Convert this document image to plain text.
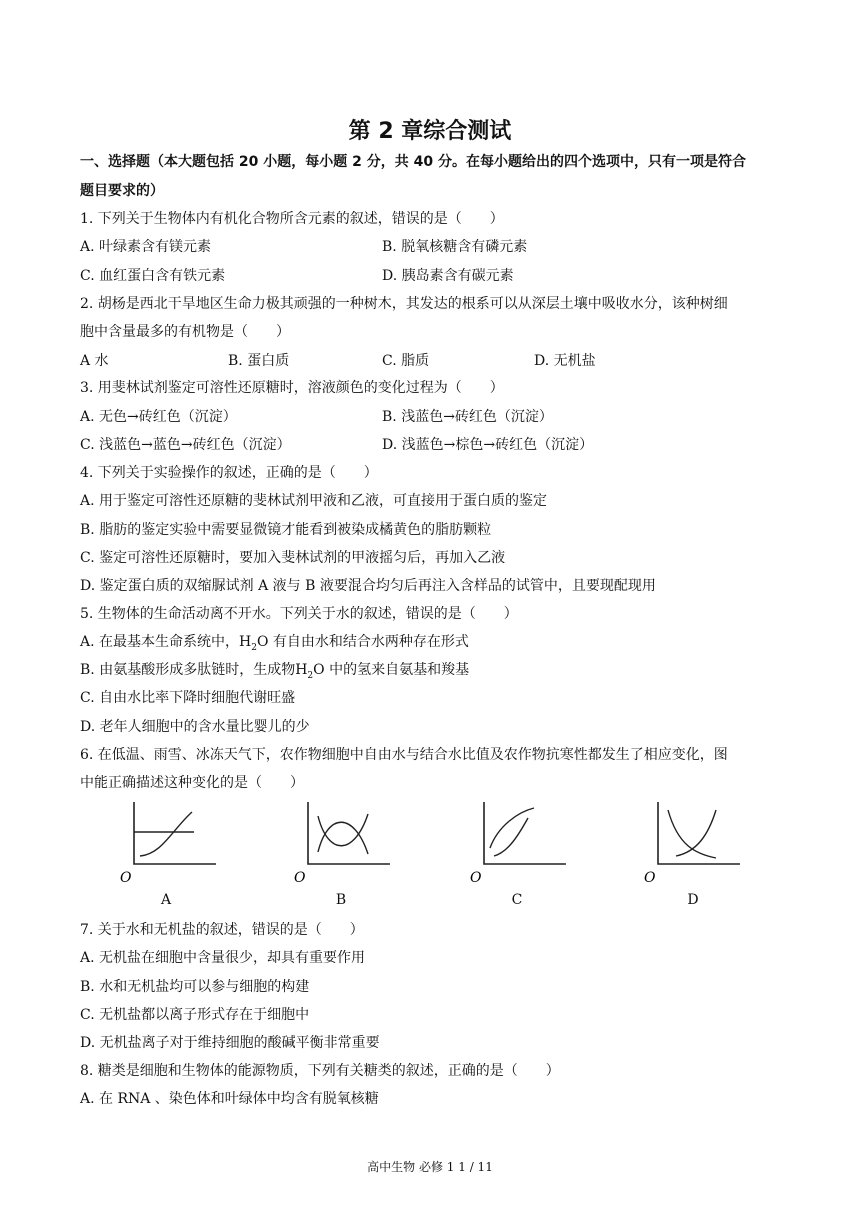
第 2 章综合测试
一、选择题（本大题包括 20 小题，每小题 2 分，共 40 分。在每小题给出的四个选项中，只有一项是符合
题目要求的）
1. 下列关于生物体内有机化合物所含元素的叙述，错误的是（　　）
A. 叶绿素含有镁元素	B. 脱氧核糖含有磷元素
C. 血红蛋白含有铁元素	D. 胰岛素含有碳元素
2. 胡杨是西北干旱地区生命力极其顽强的一种树木，其发达的根系可以从深层土壤中吸收水分，该种树细
胞中含量最多的有机物是（　　）
A 水	B. 蛋白质	C. 脂质	D. 无机盐
3. 用斐林试剂鉴定可溶性还原糖时，溶液颜色的变化过程为（　　）
A. 无色→砖红色（沉淀）	B. 浅蓝色→砖红色（沉淀）
C. 浅蓝色→蓝色→砖红色（沉淀）	D. 浅蓝色→棕色→砖红色（沉淀）
4. 下列关于实验操作的叙述，正确的是（　　）
A. 用于鉴定可溶性还原糖的斐林试剂甲液和乙液，可直接用于蛋白质的鉴定
B. 脂肪的鉴定实验中需要显微镜才能看到被染成橘黄色的脂肪颗粒
C. 鉴定可溶性还原糖时，要加入斐林试剂的甲液摇匀后，再加入乙液
D. 鉴定蛋白质的双缩脲试剂 A 液与 B 液要混合均匀后再注入含样品的试管中，且要现配现用
5. 生物体的生命活动离不开水。下列关于水的叙述，错误的是（　　）
A. 在最基本生命系统中，$H_2O$ 有自由水和结合水两种存在形式
B. 由氨基酸形成多肽链时，生成物$H_2O$ 中的氢来自氨基和羧基
C. 自由水比率下降时细胞代谢旺盛
D. 老年人细胞中的含水量比婴儿的少
6. 在低温、雨雪、冰冻天气下，农作物细胞中自由水与结合水比值及农作物抗寒性都发生了相应变化，图
中能正确描述这种变化的是（　　）
O	O	O	O
A	B	C	D
7. 关于水和无机盐的叙述，错误的是（　　）
A. 无机盐在细胞中含量很少，却具有重要作用
B. 水和无机盐均可以参与细胞的构建
C. 无机盐都以离子形式存在于细胞中
D. 无机盐离子对于维持细胞的酸碱平衡非常重要
8. 糖类是细胞和生物体的能源物质，下列有关糖类的叙述，正确的是（　　）
A. 在 RNA 、染色体和叶绿体中均含有脱氧核糖
高中生物 必修 1 1 / 11
